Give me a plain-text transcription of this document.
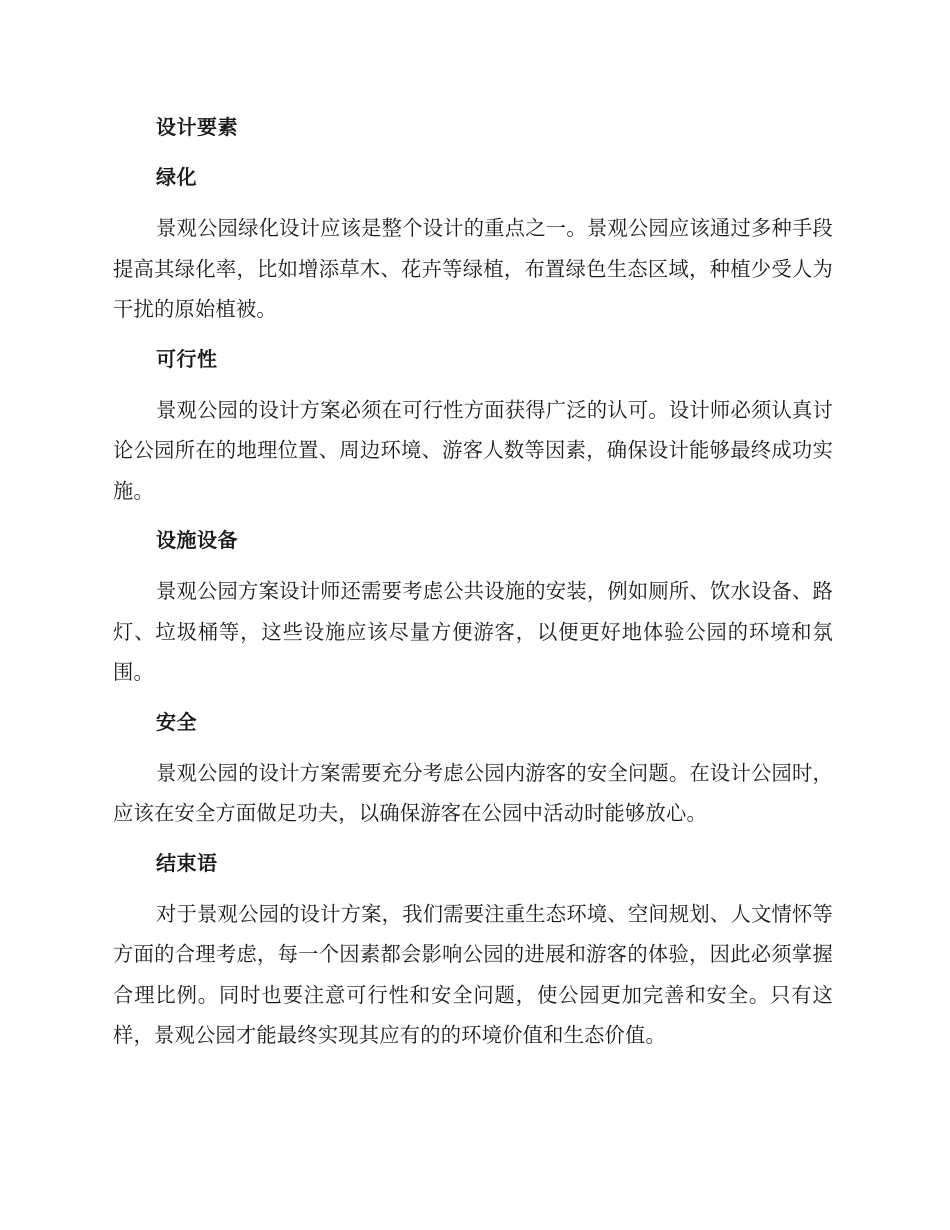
设计要素
绿化

景观公园绿化设计应该是整个设计的重点之一。景观公园应该通过多种手段提高其绿化率，比如增添草木、花卉等绿植，布置绿色生态区域，种植少受人为干扰的原始植被。

可行性

景观公园的设计方案必须在可行性方面获得广泛的认可。设计师必须认真讨论公园所在的地理位置、周边环境、游客人数等因素，确保设计能够最终成功实施。

设施设备

景观公园方案设计师还需要考虑公共设施的安装，例如厕所、饮水设备、路灯、垃圾桶等，这些设施应该尽量方便游客，以便更好地体验公园的环境和氛围。

安全

景观公园的设计方案需要充分考虑公园内游客的安全问题。在设计公园时，应该在安全方面做足功夫，以确保游客在公园中活动时能够放心。

结束语

对于景观公园的设计方案，我们需要注重生态环境、空间规划、人文情怀等方面的合理考虑，每一个因素都会影响公园的进展和游客的体验，因此必须掌握合理比例。同时也要注意可行性和安全问题，使公园更加完善和安全。只有这样，景观公园才能最终实现其应有的的环境价值和生态价值。
